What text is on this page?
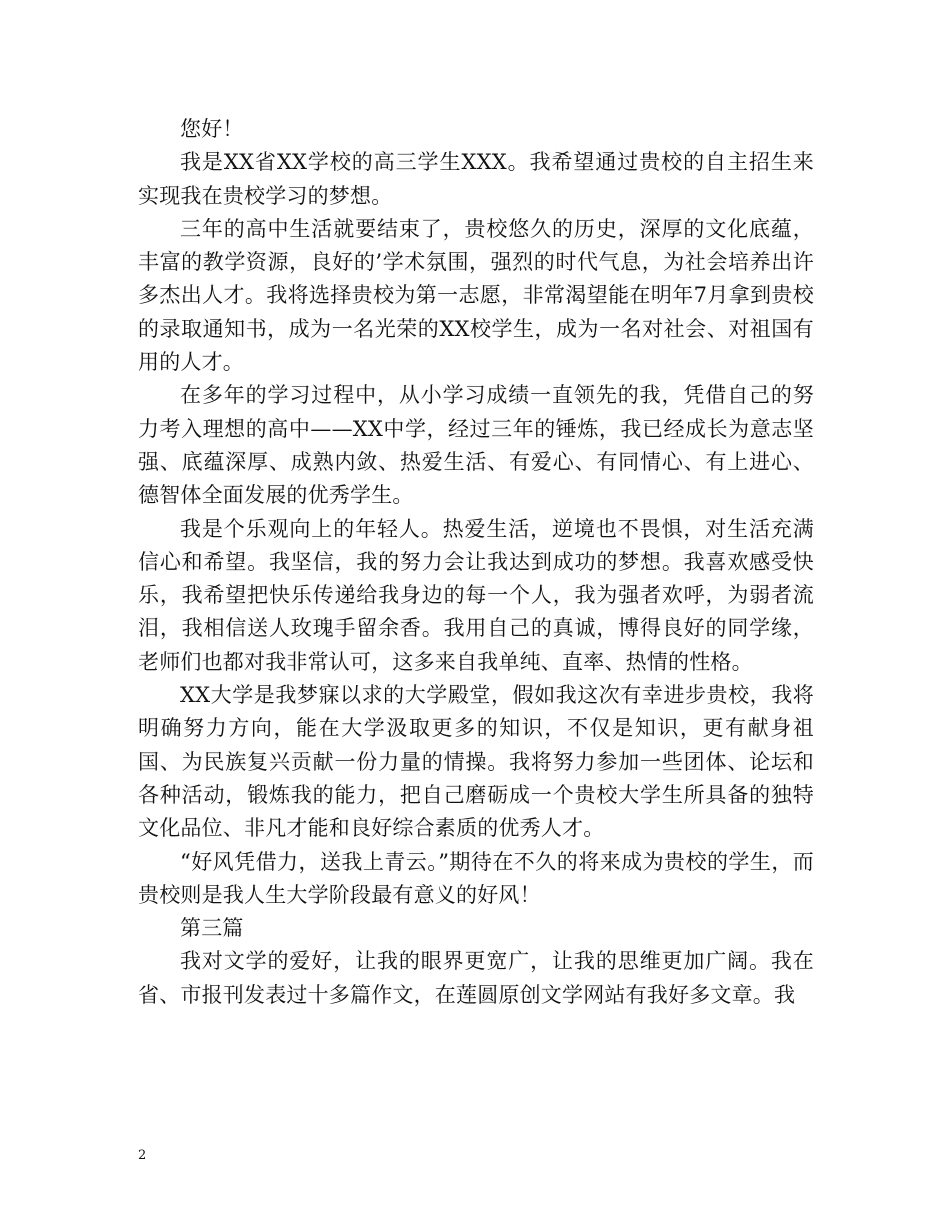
您好！

我是XX省XX学校的高三学生XXX。我希望通过贵校的自主招生来实现我在贵校学习的梦想。

三年的高中生活就要结束了，贵校悠久的历史，深厚的文化底蕴，丰富的教学资源，良好的’学术氛围，强烈的时代气息，为社会培养出许多杰出人才。我将选择贵校为第一志愿，非常渴望能在明年7月拿到贵校的录取通知书，成为一名光荣的XX校学生，成为一名对社会、对祖国有用的人才。

在多年的学习过程中，从小学习成绩一直领先的我，凭借自己的努力考入理想的高中——XX中学，经过三年的锤炼，我已经成长为意志坚强、底蕴深厚、成熟内敛、热爱生活、有爱心、有同情心、有上进心、德智体全面发展的优秀学生。

我是个乐观向上的年轻人。热爱生活，逆境也不畏惧，对生活充满信心和希望。我坚信，我的努力会让我达到成功的梦想。我喜欢感受快乐，我希望把快乐传递给我身边的每一个人，我为强者欢呼，为弱者流泪，我相信送人玫瑰手留余香。我用自己的真诚，博得良好的同学缘，老师们也都对我非常认可，这多来自我单纯、直率、热情的性格。

XX大学是我梦寐以求的大学殿堂，假如我这次有幸进步贵校，我将明确努力方向，能在大学汲取更多的知识，不仅是知识，更有献身祖国、为民族复兴贡献一份力量的情操。我将努力参加一些团体、论坛和各种活动，锻炼我的能力，把自己磨砺成一个贵校大学生所具备的独特文化品位、非凡才能和良好综合素质的优秀人才。

“好风凭借力，送我上青云。”期待在不久的将来成为贵校的学生，而贵校则是我人生大学阶段最有意义的好风！

第三篇

我对文学的爱好，让我的眼界更宽广，让我的思维更加广阔。我在省、市报刊发表过十多篇作文，在莲圆原创文学网站有我好多文章。我

2
